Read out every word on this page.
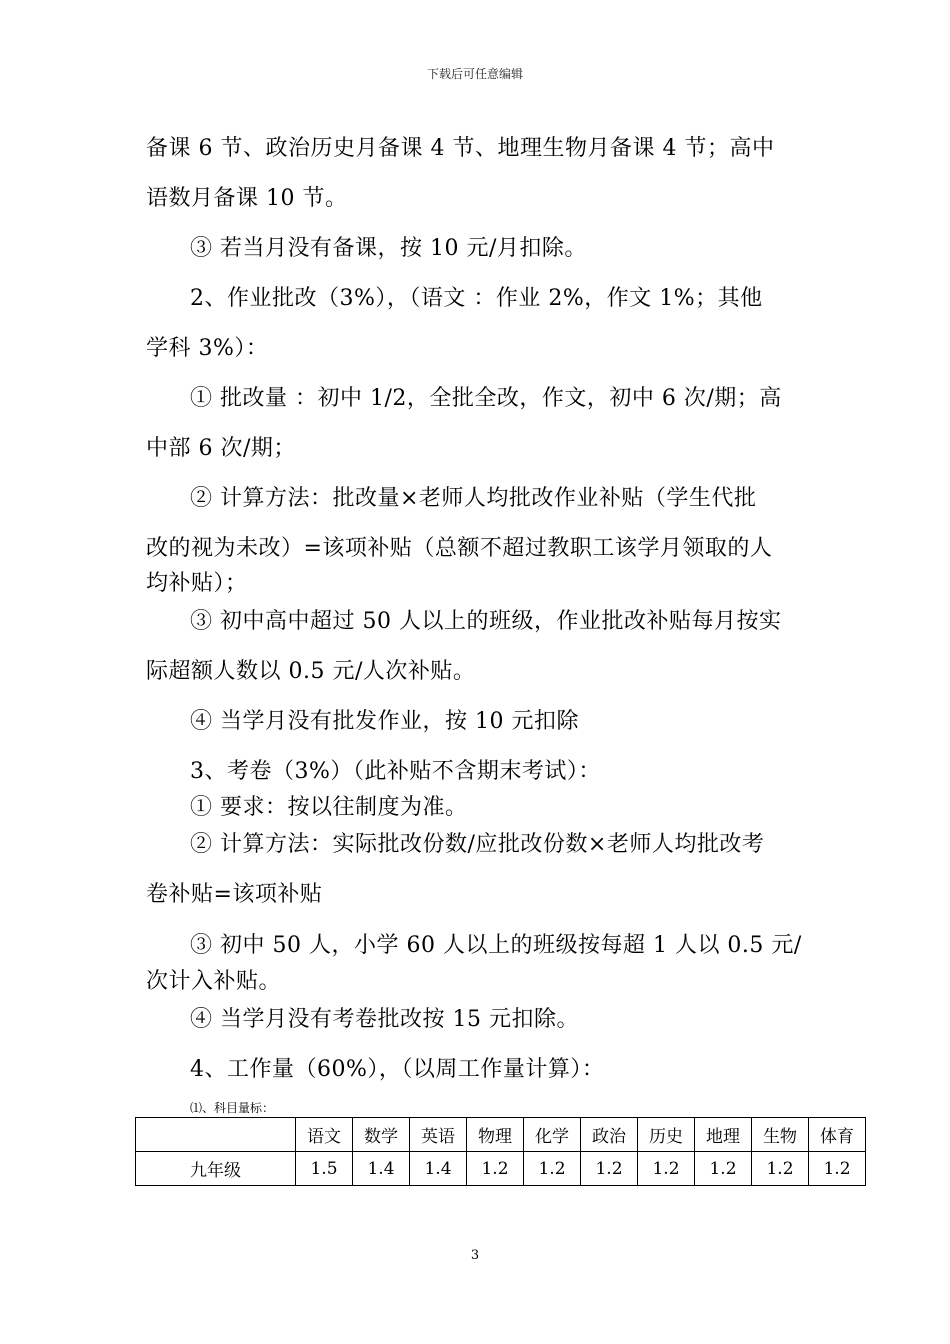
下载后可任意编辑
备课 6 节、政治历史月备课 4 节、地理生物月备课 4 节；高中
语数月备课 10 节。
③ 若当月没有备课，按 10 元/月扣除。
2、作业批改（3%），（语文 ：作业 2%，作文 1%；其他
学科 3%）：
① 批改量 ：初中 1/2，全批全改，作文，初中 6 次/期；高
中部 6 次/期；
② 计算方法：批改量×老师人均批改作业补贴（学生代批
改的视为未改）=该项补贴（总额不超过教职工该学月领取的人
均补贴）；
③ 初中高中超过 50 人以上的班级，作业批改补贴每月按实
际超额人数以 0.5 元/人次补贴。
④ 当学月没有批发作业，按 10 元扣除
3、考卷（3%）（此补贴不含期末考试）：
① 要求：按以往制度为准。
② 计算方法：实际批改份数/应批改份数×老师人均批改考
卷补贴=该项补贴
③ 初中 50 人，小学 60 人以上的班级按每超 1 人以 0.5 元/
次计入补贴。
④ 当学月没有考卷批改按 15 元扣除。
4、工作量（60%），（以周工作量计算）：
⑴、科目量标：
	语文	数学	英语	物理	化学	政治	历史	地理	生物	体育
九年级	1.5	1.4	1.4	1.2	1.2	1.2	1.2	1.2	1.2	1.2
3
